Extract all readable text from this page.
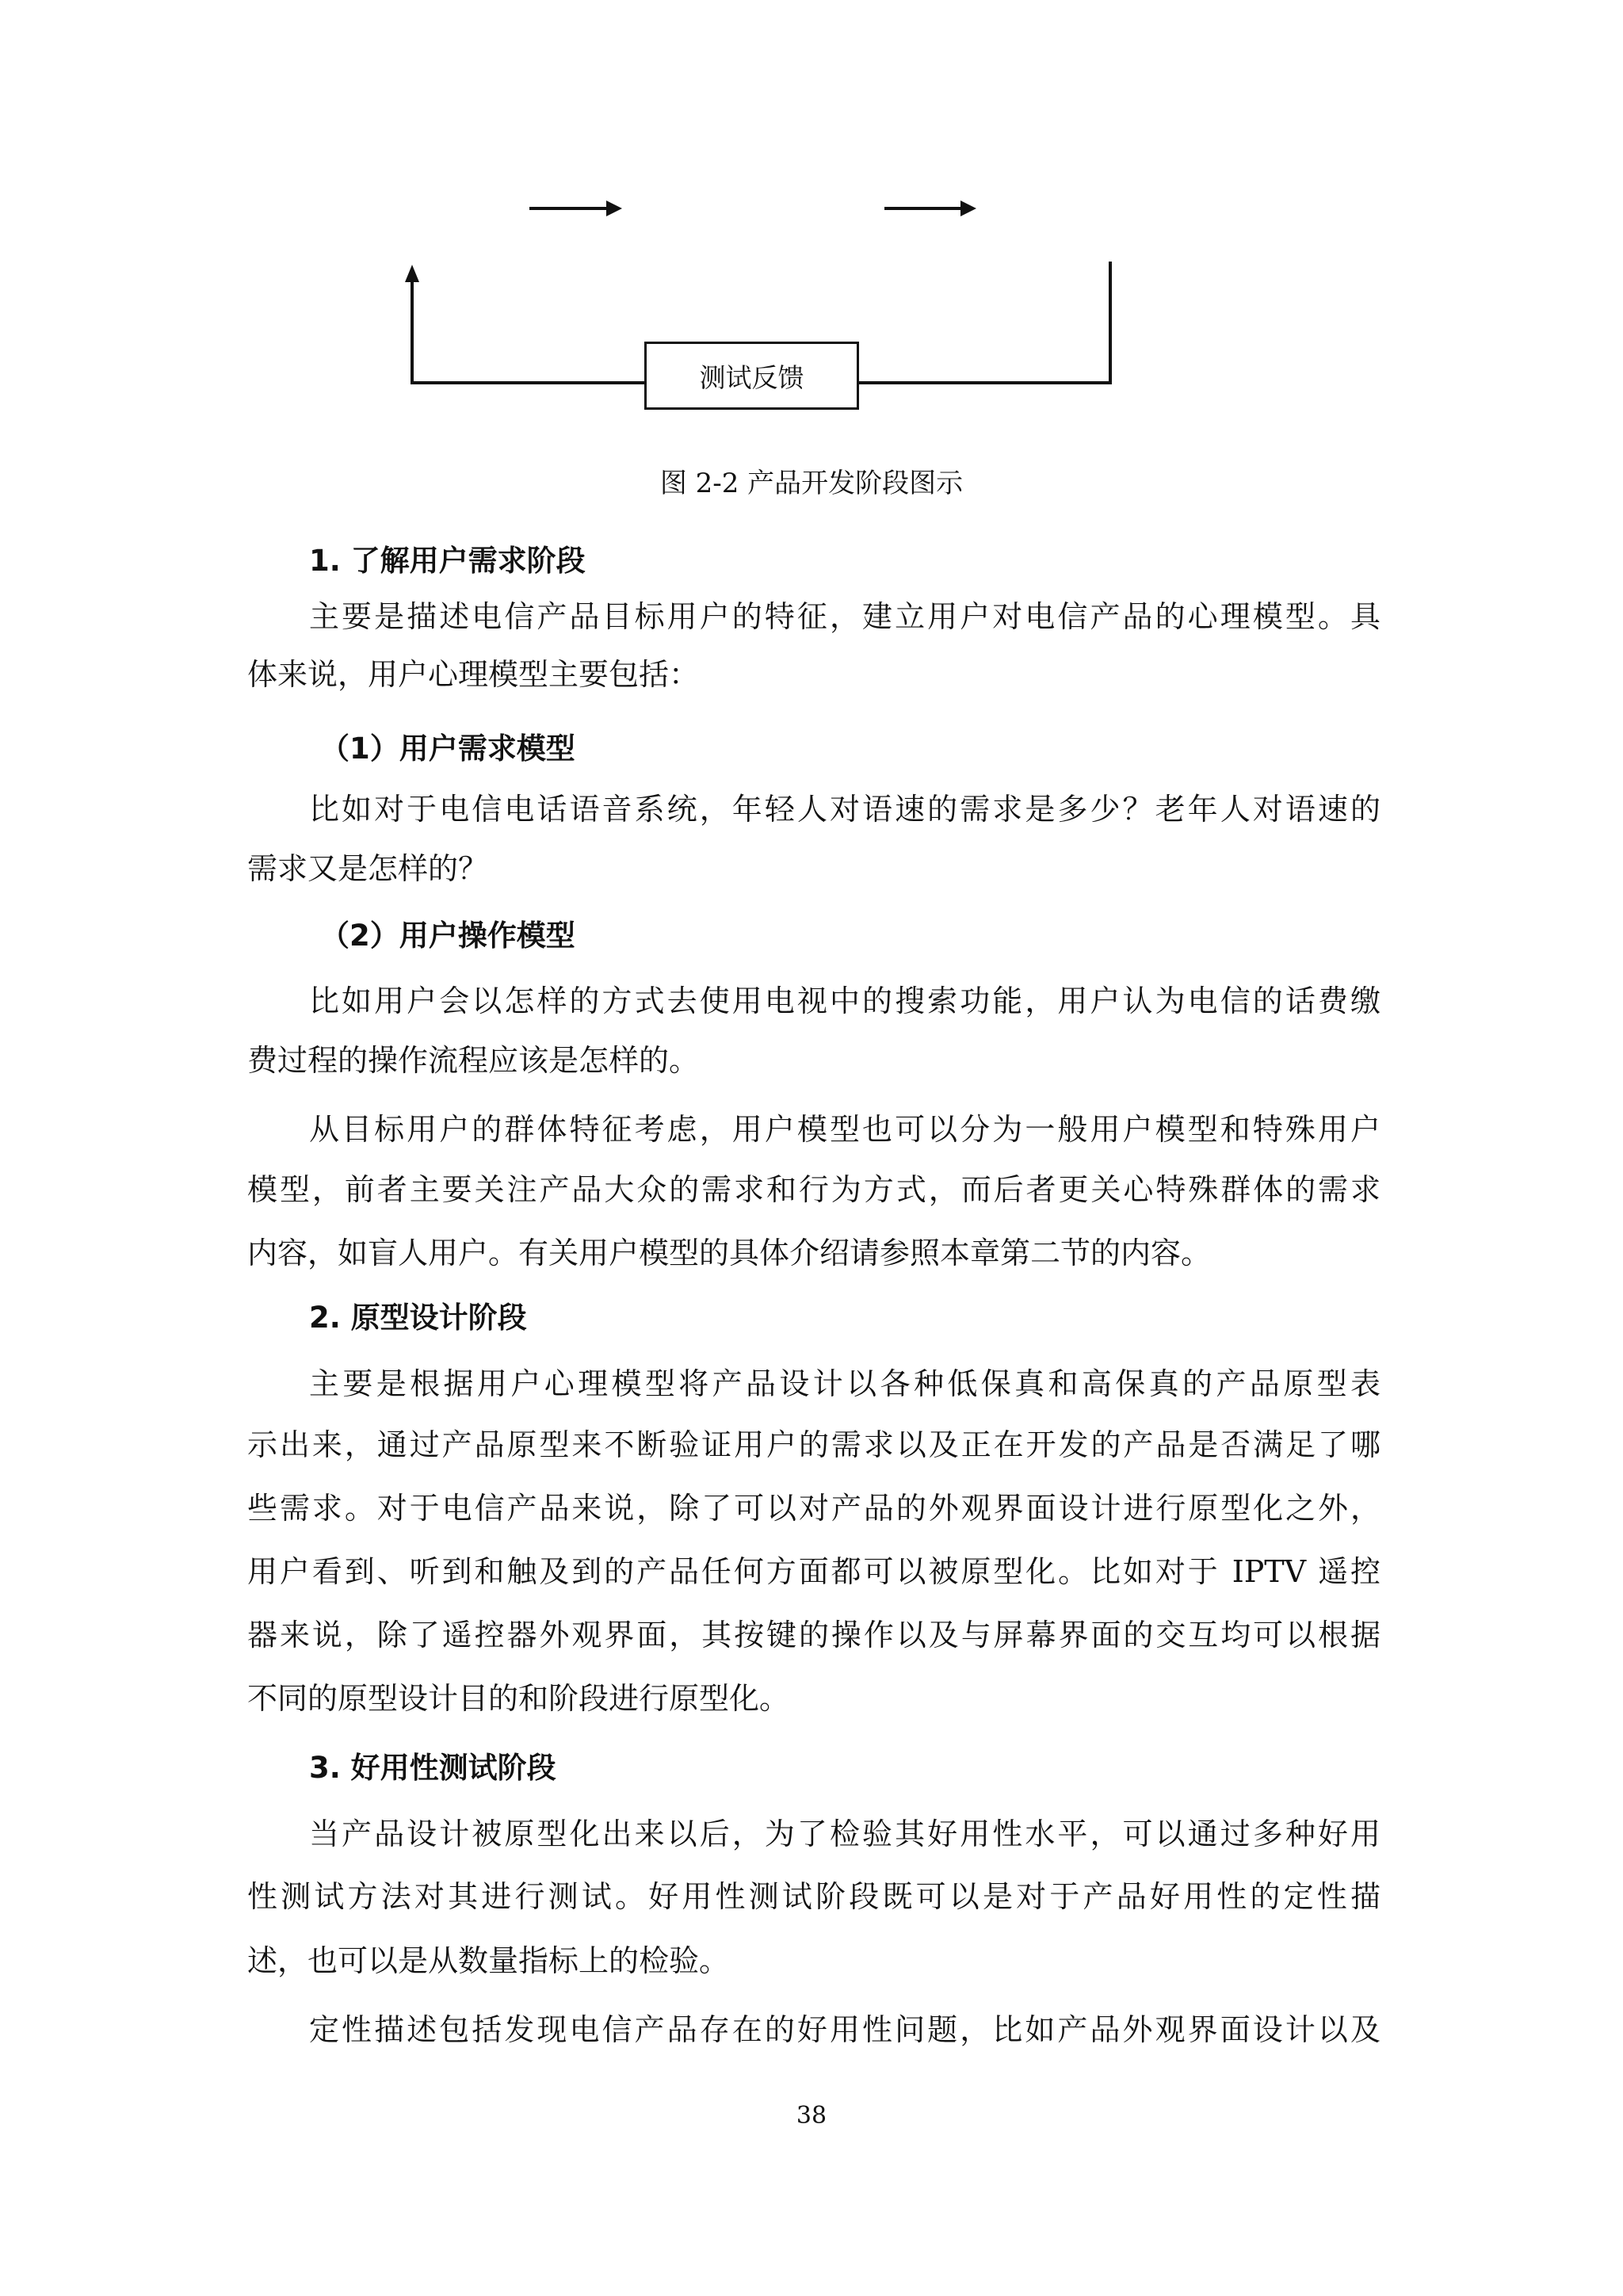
测试反馈
图 2-2 产品开发阶段图示
1. 了解用户需求阶段
主要是描述电信产品目标用户的特征，建立用户对电信产品的心理模型。具
体来说，用户心理模型主要包括：
（1）用户需求模型
比如对于电信电话语音系统，年轻人对语速的需求是多少？老年人对语速的
需求又是怎样的？
（2）用户操作模型
比如用户会以怎样的方式去使用电视中的搜索功能，用户认为电信的话费缴
费过程的操作流程应该是怎样的。
从目标用户的群体特征考虑，用户模型也可以分为一般用户模型和特殊用户
模型，前者主要关注产品大众的需求和行为方式，而后者更关心特殊群体的需求
内容，如盲人用户。有关用户模型的具体介绍请参照本章第二节的内容。
2. 原型设计阶段
主要是根据用户心理模型将产品设计以各种低保真和高保真的产品原型表
示出来，通过产品原型来不断验证用户的需求以及正在开发的产品是否满足了哪
些需求。对于电信产品来说，除了可以对产品的外观界面设计进行原型化之外，
用户看到、听到和触及到的产品任何方面都可以被原型化。比如对于 IPTV 遥控
器来说，除了遥控器外观界面，其按键的操作以及与屏幕界面的交互均可以根据
不同的原型设计目的和阶段进行原型化。
3. 好用性测试阶段
当产品设计被原型化出来以后，为了检验其好用性水平，可以通过多种好用
性测试方法对其进行测试。好用性测试阶段既可以是对于产品好用性的定性描
述，也可以是从数量指标上的检验。
定性描述包括发现电信产品存在的好用性问题，比如产品外观界面设计以及
38
